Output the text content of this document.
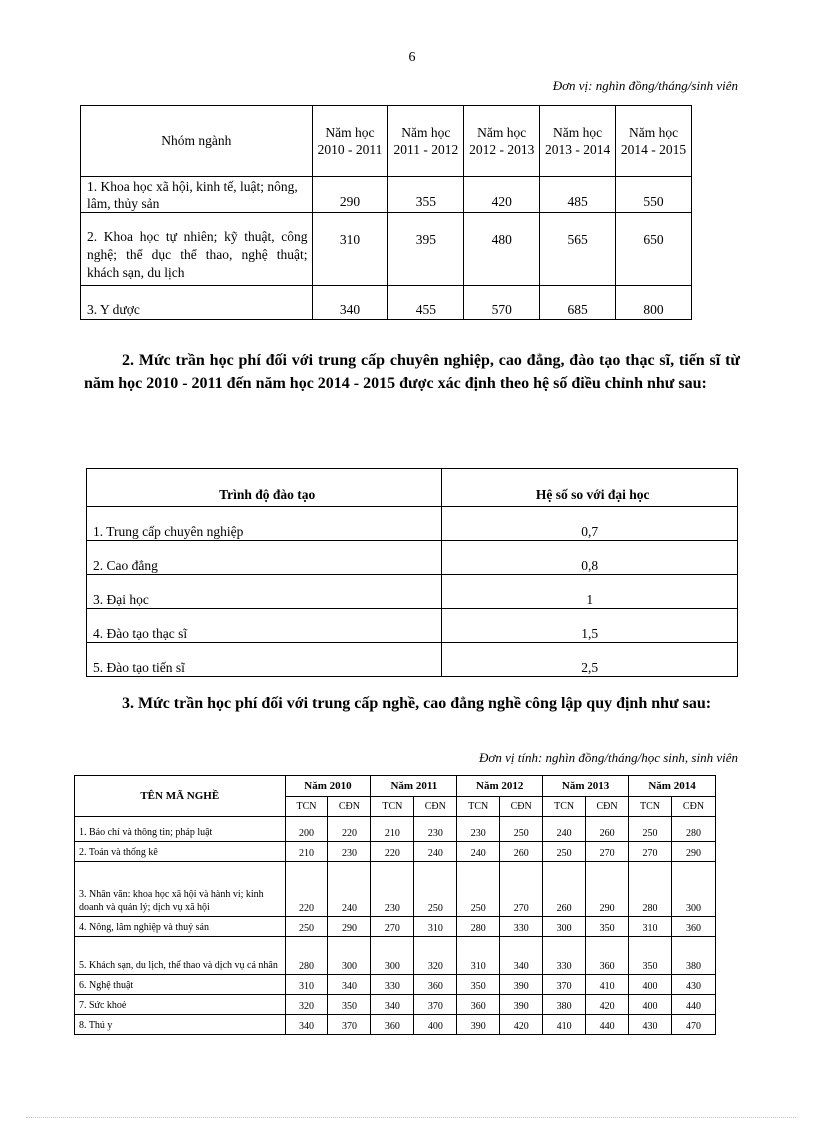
6
Đơn vị: nghìn đồng/tháng/sinh viên
Nhóm ngành	Năm học 2010 - 2011	Năm học 2011 - 2012	Năm học 2012 - 2013	Năm học 2013 - 2014	Năm học 2014 - 2015
1. Khoa học xã hội, kinh tế, luật; nông, lâm, thủy sản	290	355	420	485	550
2. Khoa học tự nhiên; kỹ thuật, công nghệ; thể dục thể thao, nghệ thuật; khách sạn, du lịch	310	395	480	565	650
3. Y dược	340	455	570	685	800
2. Mức trần học phí đối với trung cấp chuyên nghiệp, cao đẳng, đào tạo thạc sĩ, tiến sĩ từ năm học 2010 - 2011 đến năm học 2014 - 2015 được xác định theo hệ số điều chỉnh như sau:
Trình độ đào tạo	Hệ số so với đại học
1. Trung cấp chuyên nghiệp	0,7
2. Cao đẳng	0,8
3. Đại học	1
4. Đào tạo thạc sĩ	1,5
5. Đào tạo tiến sĩ	2,5
3. Mức trần học phí đối với trung cấp nghề, cao đẳng nghề công lập quy định như sau:
Đơn vị tính: nghìn đồng/tháng/học sinh, sinh viên
TÊN MÃ NGHỀ	Năm 2010		Năm 2011		Năm 2012		Năm 2013		Năm 2014	
	TCN	CĐN	TCN	CĐN	TCN	CĐN	TCN	CĐN	TCN	CĐN
1. Báo chí và thông tin; pháp luật	200	220	210	230	230	250	240	260	250	280
2. Toán và thống kê	210	230	220	240	240	260	250	270	270	290
3. Nhân văn: khoa học xã hội và hành vi; kinh doanh và quản lý; dịch vụ xã hội	220	240	230	250	250	270	260	290	280	300
4. Nông, lâm nghiệp và thuỷ sản	250	290	270	310	280	330	300	350	310	360
5. Khách sạn, du lịch, thể thao và dịch vụ cá nhân	280	300	300	320	310	340	330	360	350	380
6. Nghệ thuật	310	340	330	360	350	390	370	410	400	430
7. Sức khoẻ	320	350	340	370	360	390	380	420	400	440
8. Thú y	340	370	360	400	390	420	410	440	430	470
